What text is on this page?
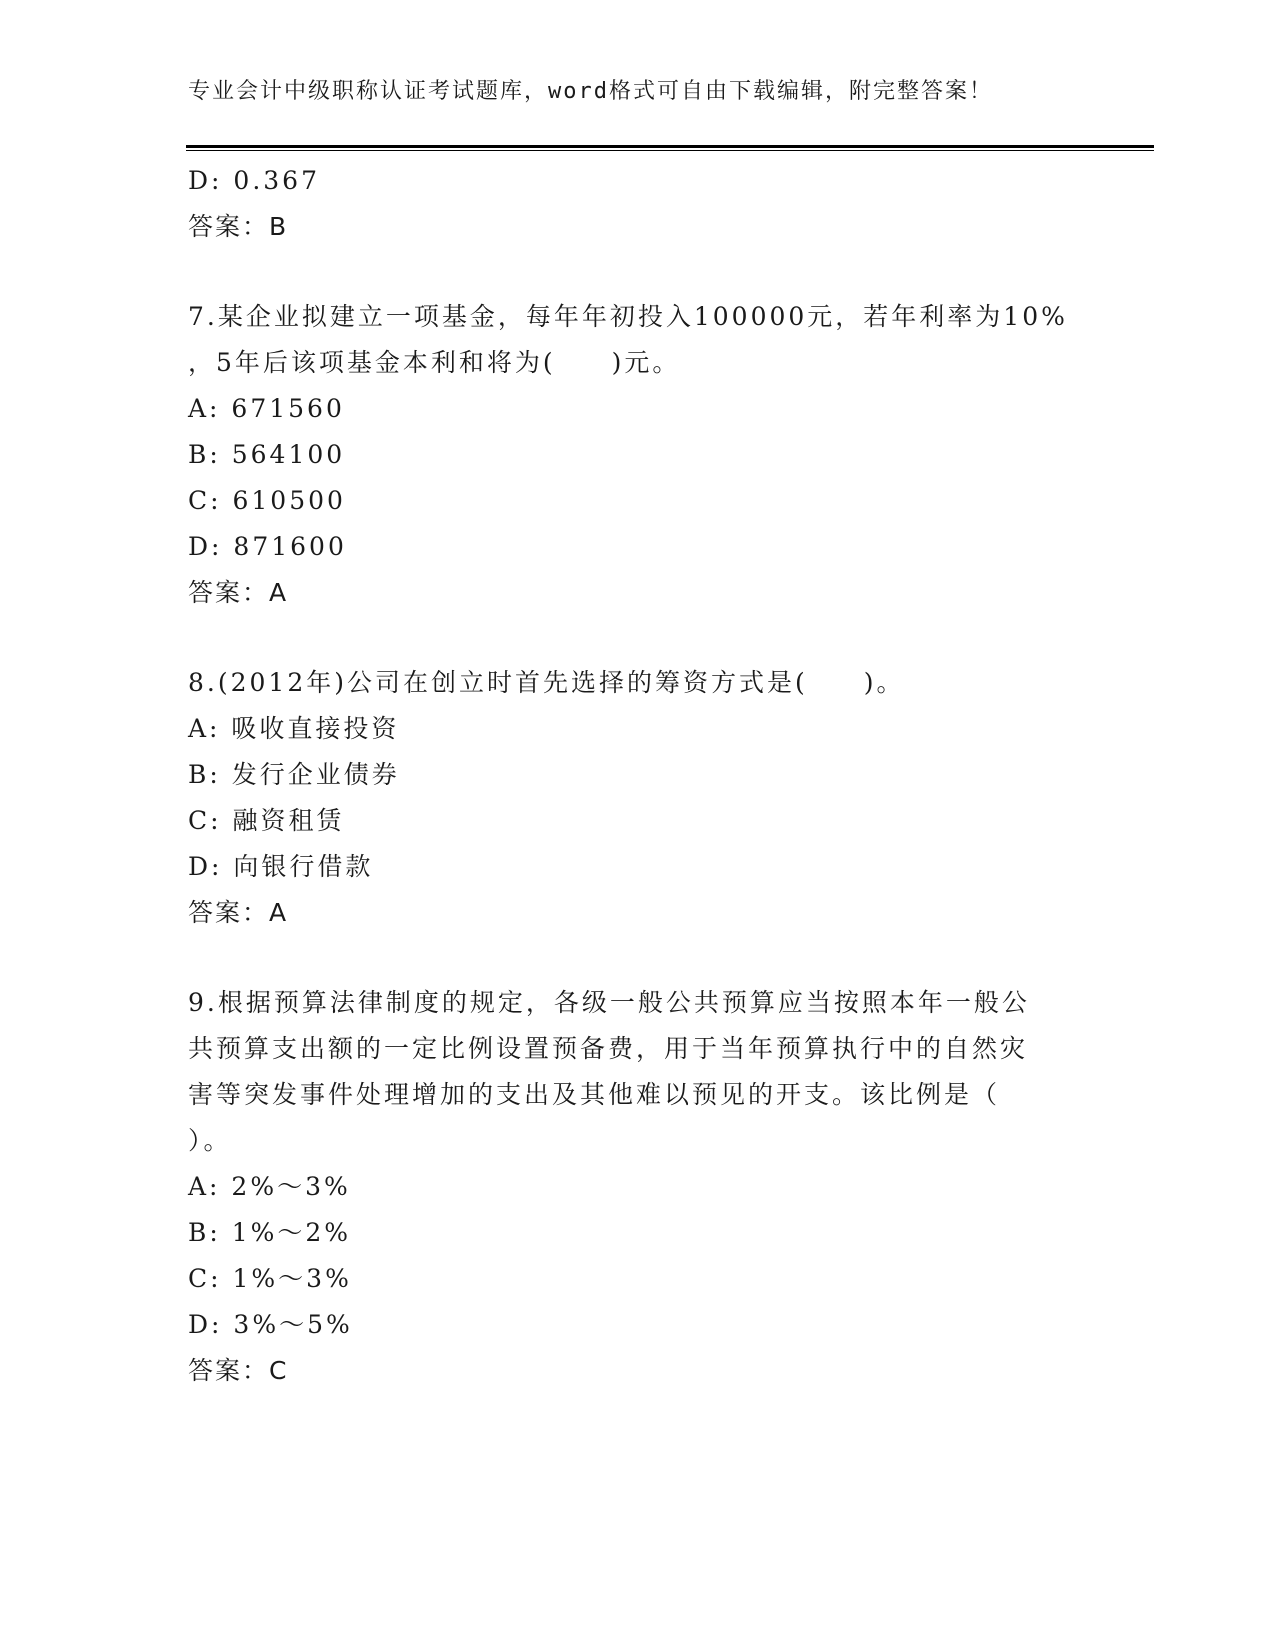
专业会计中级职称认证考试题库，word格式可自由下载编辑，附完整答案！
D: 0.367
答案：B
7.某企业拟建立一项基金，每年年初投入100000元，若年利率为10%
，5年后该项基金本利和将为(　　)元。
A: 671560
B: 564100
C: 610500
D: 871600
答案：A
8.(2012年)公司在创立时首先选择的筹资方式是(　　)。
A: 吸收直接投资
B: 发行企业债券
C: 融资租赁
D: 向银行借款
答案：A
9.根据预算法律制度的规定，各级一般公共预算应当按照本年一般公
共预算支出额的一定比例设置预备费，用于当年预算执行中的自然灾
害等突发事件处理增加的支出及其他难以预见的开支。该比例是（
）。
A: 2%～3%
B: 1%～2%
C: 1%～3%
D: 3%～5%
答案：C
